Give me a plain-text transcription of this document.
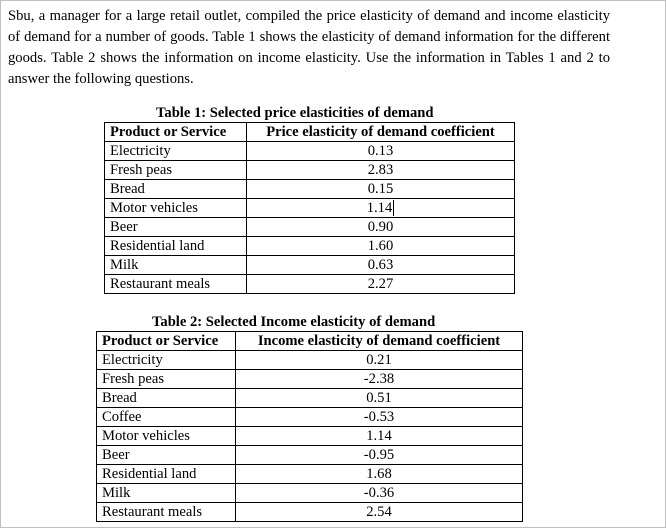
Sbu, a manager for a large retail outlet, compiled the price elasticity of demand and income elasticity of demand for a number of goods. Table 1 shows the elasticity of demand information for the different goods. Table 2 shows the information on income elasticity. Use the information in Tables 1 and 2 to answer the following questions.

Table 1: Selected price elasticities of demand
Product or Service	Price elasticity of demand coefficient
Electricity	0.13
Fresh peas	2.83
Bread	0.15
Motor vehicles	1.14
Beer	0.90
Residential land	1.60
Milk	0.63
Restaurant meals	2.27
Table 2: Selected Income elasticity of demand
Product or Service	Income elasticity of demand coefficient
Electricity	0.21
Fresh peas	-2.38
Bread	0.51
Coffee	-0.53
Motor vehicles	1.14
Beer	-0.95
Residential land	1.68
Milk	-0.36
Restaurant meals	2.54
